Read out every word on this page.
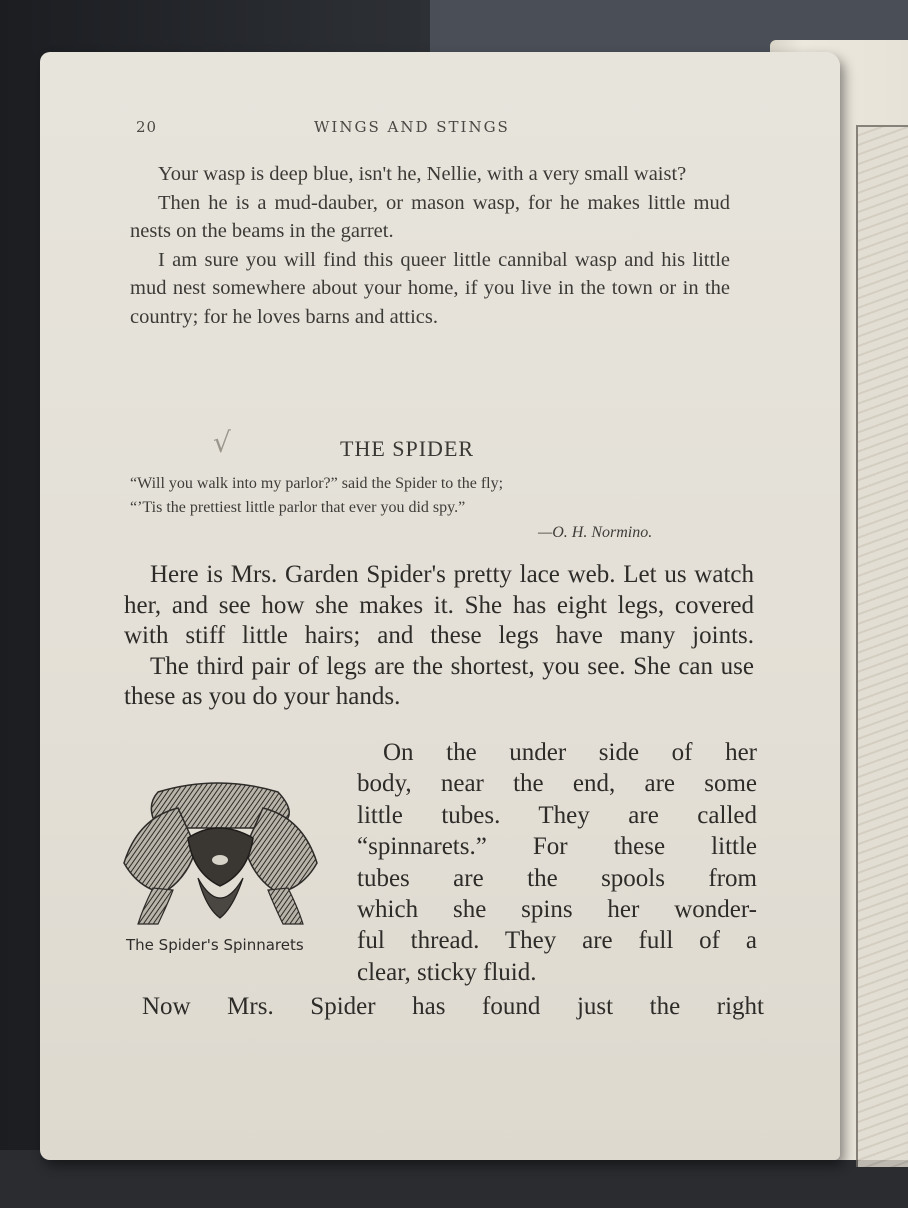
20	WINGS AND STINGS

Your wasp is deep blue, isn't he, Nellie, with a very small waist?

Then he is a mud-dauber, or mason wasp, for he makes little mud nests on the beams in the garret.

I am sure you will find this queer little cannibal wasp and his little mud nest somewhere about your home, if you live in the town or in the country; for he loves barns and attics.

√	THE SPIDER
“Will you walk into my parlor?” said the Spider to the fly;
“’Tis the prettiest little parlor that ever you did spy.”
—O. H. Normino.

Here is Mrs. Garden Spider's pretty lace web. Let us watch her, and see how she makes it. She has eight legs, covered with stiff little hairs; and these legs have many joints.

The third pair of legs are the shortest, you see. She can use these as you do your hands.

The Spider's Spinnarets
On the under side of her
body, near the end, are some
little tubes. They are called
“spinnarets.” For these little
tubes are the spools from
which she spins her wonder-
ful thread. They are full of a
clear, sticky fluid.
Now Mrs. Spider has found just the right
